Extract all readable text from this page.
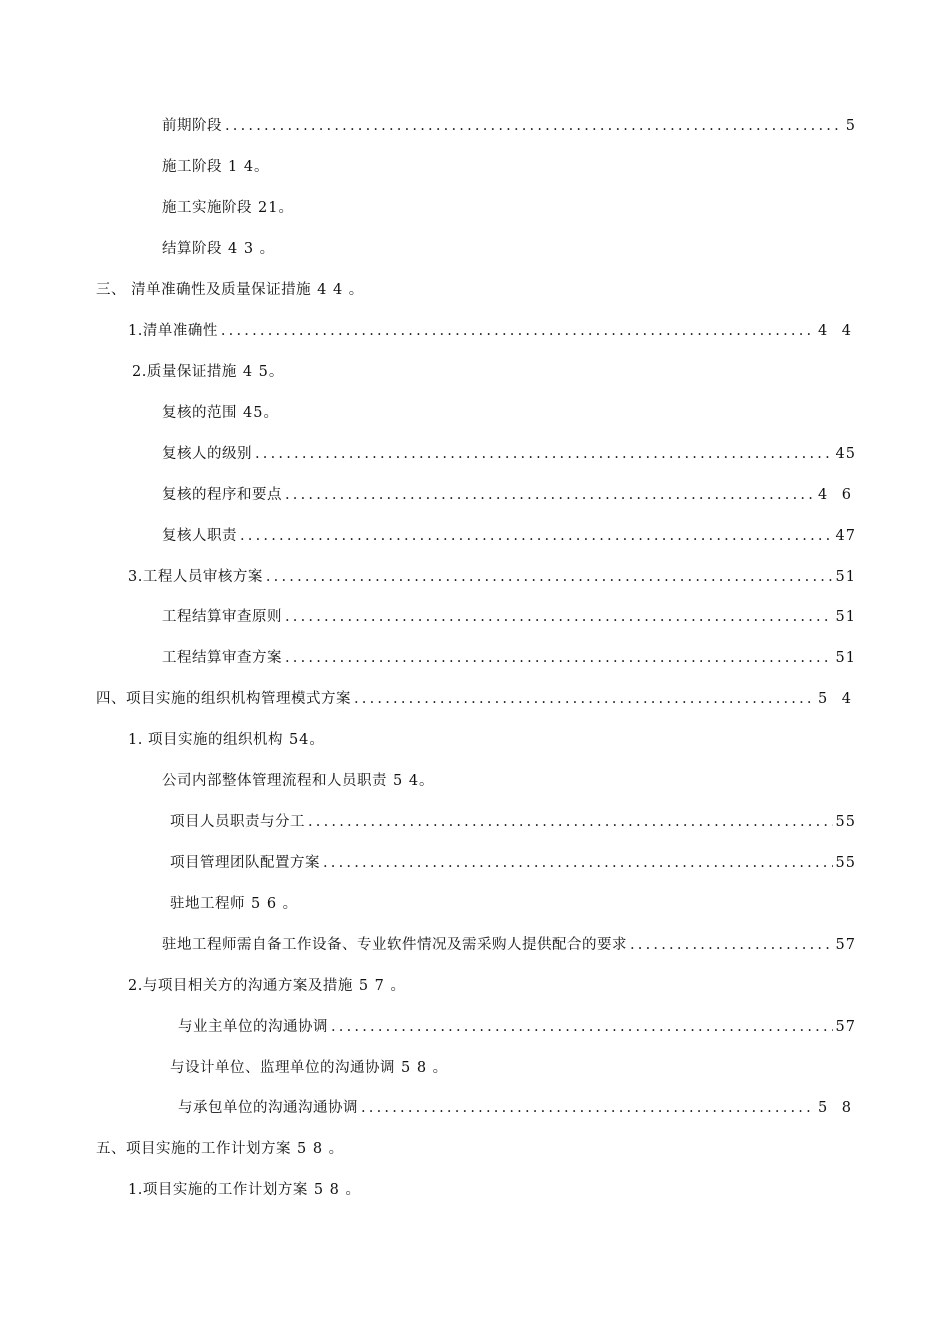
前期阶段 .....	5
施工阶段 1 4。
施工实施阶段 21。
结算阶段 4 3 。
三、 清单准确性及质量保证措施 4 4 。
1.清单准确性 .....	4 4
2.质量保证措施 4 5。
复核的范围 45。
复核人的级别 .....	45
复核的程序和要点 .....	4 6
复核人职责 .....	47
3.工程人员审核方案 .....	51
工程结算审查原则 .....	51
工程结算审查方案 .....	51
四、项目实施的组织机构管理模式方案 .....	5 4
1. 项目实施的组织机构 54。
公司内部整体管理流程和人员职责 5 4。
项目人员职责与分工 .....	55
项目管理团队配置方案 .....	55
驻地工程师 5 6 。
驻地工程师需自备工作设备、专业软件情况及需采购人提供配合的要求 .....	57
2.与项目相关方的沟通方案及措施 5 7 。
与业主单位的沟通协调 .....	57
与设计单位、监理单位的沟通协调 5 8 。
与承包单位的沟通沟通协调 .....	5 8
五、项目实施的工作计划方案 5 8 。
1.项目实施的工作计划方案 5 8 。
